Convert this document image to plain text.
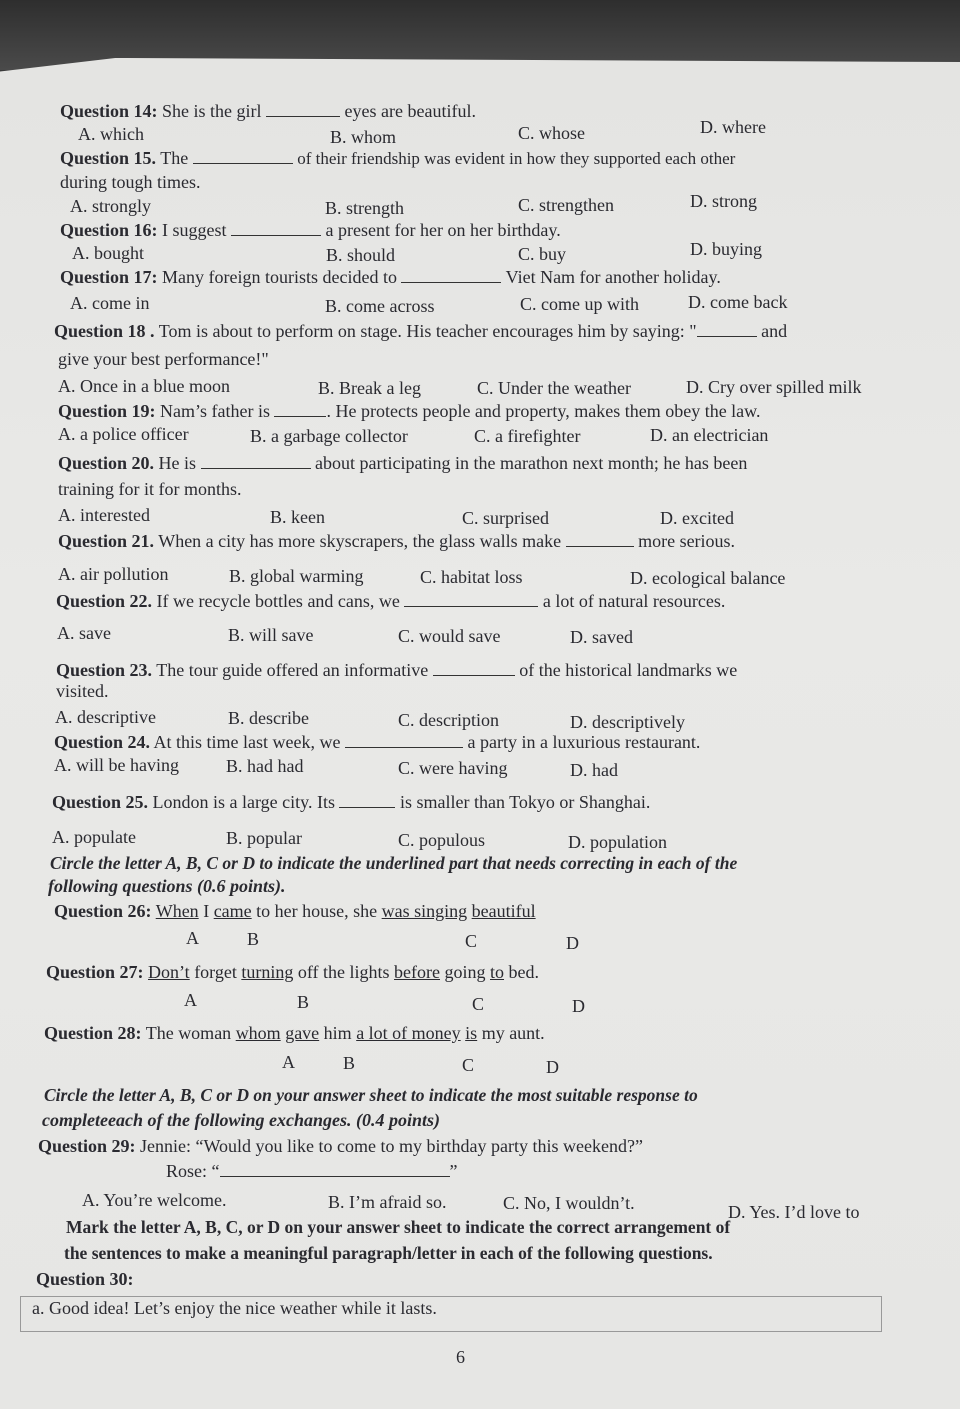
Question 14: She is the girl	eyes are beautiful.
A. which	B. whom	C. whose	D. where
Question 15. The	of their friendship was evident in how they supported each other
during tough times.
A. strongly	B. strength	C. strengthen	D. strong
Question 16: I suggest	a present for her on her birthday.
A. bought	B. should	C. buy	D. buying
Question 17: Many foreign tourists decided to	Viet Nam for another holiday.
A. come in	B. come across	C. come up with	D. come back
Question 18 . Tom is about to perform on stage. His teacher encourages him by saying: "	and
give your best performance!"
A. Once in a blue moon	B. Break a leg	C. Under the weather	D. Cry over spilled milk
Question 19: Nam’s father is	. He protects people and property, makes them obey the law.
A. a police officer	B. a garbage collector	C. a firefighter	D. an electrician
Question 20. He is	about participating in the marathon next month; he has been
training for it for months.
A. interested	B. keen	C. surprised	D. excited
Question 21. When a city has more skyscrapers, the glass walls make	more serious.
A. air pollution	B. global warming	C. habitat loss	D. ecological balance
Question 22. If we recycle bottles and cans, we	a lot of natural resources.
A. save	B. will save	C. would save	D. saved
Question 23. The tour guide offered an informative	of the historical landmarks we
visited.
A. descriptive	B. describe	C. description	D. descriptively
Question 24. At this time last week, we	a party in a luxurious restaurant.
A. will be having	B. had had	C. were having	D. had
Question 25. London is a large city. Its	is smaller than Tokyo or Shanghai.
A. populate	B. popular	C. populous	D. population
Circle the letter A, B, C or D to indicate the underlined part that needs correcting in each of the
following questions (0.6 points).
Question 26: When I came to her house, she was singing beautiful
A	B	C	D
Question 27: Don’t forget turning off the lights before going to bed.
A	B	C	D
Question 28: The woman whom gave him a lot of money is my aunt.
A	B	C	D
Circle the letter A, B, C or D on your answer sheet to indicate the most suitable response to
completeeach of the following exchanges. (0.4 points)
Question 29: Jennie: “Would you like to come to my birthday party this weekend?”
Rose: “	”
A. You’re welcome.	B. I’m afraid so.	C. No, I wouldn’t.	D. Yes. I’d love to
Mark the letter A, B, C, or D on your answer sheet to indicate the correct arrangement of
the sentences to make a meaningful paragraph/letter in each of the following questions.
Question 30:
a. Good idea! Let’s enjoy the nice weather while it lasts.
6
